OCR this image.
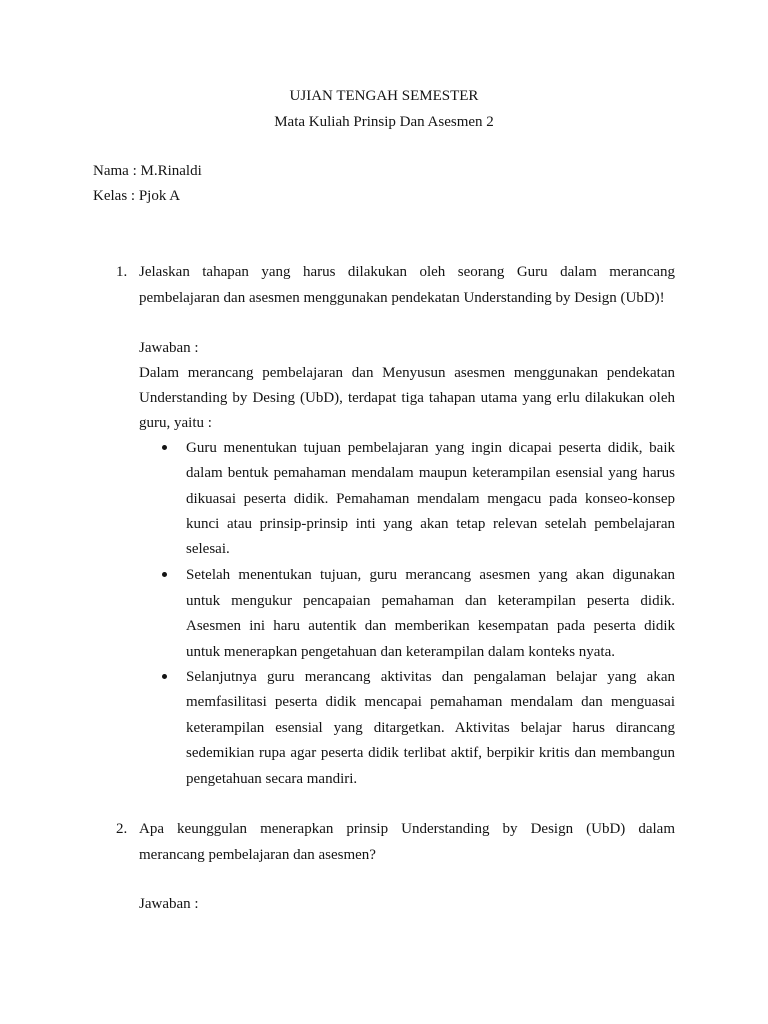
UJIAN TENGAH SEMESTER
Mata Kuliah Prinsip Dan Asesmen 2
Nama : M.Rinaldi
Kelas : Pjok A
1. Jelaskan tahapan yang harus dilakukan oleh seorang Guru dalam merancang
pembelajaran dan asesmen menggunakan pendekatan Understanding by Design (UbD)!
Jawaban :
Dalam merancang pembelajaran dan Menyusun asesmen menggunakan pendekatan
Understanding by Desing (UbD), terdapat tiga tahapan utama yang erlu dilakukan oleh
guru, yaitu :
Guru menentukan tujuan pembelajaran yang ingin dicapai peserta didik, baik
dalam bentuk pemahaman mendalam maupun keterampilan esensial yang harus
dikuasai peserta didik. Pemahaman mendalam mengacu pada konseo-konsep
kunci atau prinsip-prinsip inti yang akan tetap relevan setelah pembelajaran
selesai.
Setelah menentukan tujuan, guru merancang asesmen yang akan digunakan
untuk mengukur pencapaian pemahaman dan keterampilan peserta didik.
Asesmen ini haru autentik dan memberikan kesempatan pada peserta didik
untuk menerapkan pengetahuan dan keterampilan dalam konteks nyata.
Selanjutnya guru merancang aktivitas dan pengalaman belajar yang akan
memfasilitasi peserta didik mencapai pemahaman mendalam dan menguasai
keterampilan esensial yang ditargetkan. Aktivitas belajar harus dirancang
sedemikian rupa agar peserta didik terlibat aktif, berpikir kritis dan membangun
pengetahuan secara mandiri.
2. Apa keunggulan menerapkan prinsip Understanding by Design (UbD) dalam
merancang pembelajaran dan asesmen?
Jawaban :
